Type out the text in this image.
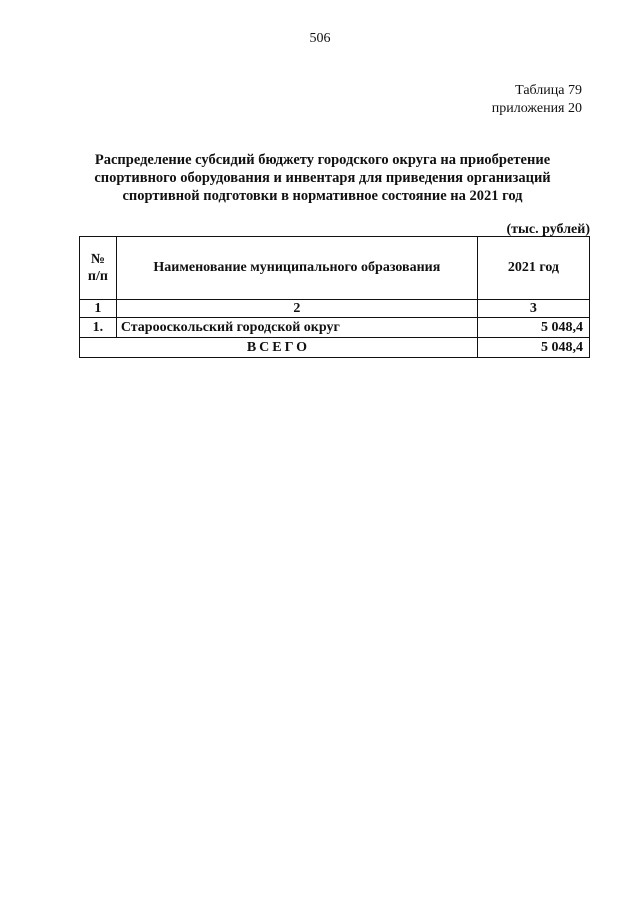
506
Таблица 79
приложения 20
Распределение субсидий бюджету городского округа на приобретение
спортивного оборудования и инвентаря для приведения организаций
спортивной подготовки в нормативное состояние на 2021 год
(тыс. рублей)
№
п/п	Наименование муниципального образования	2021 год
1	2	3
1.	Старооскольский городской округ	5 048,4
ВСЕГО		5 048,4
